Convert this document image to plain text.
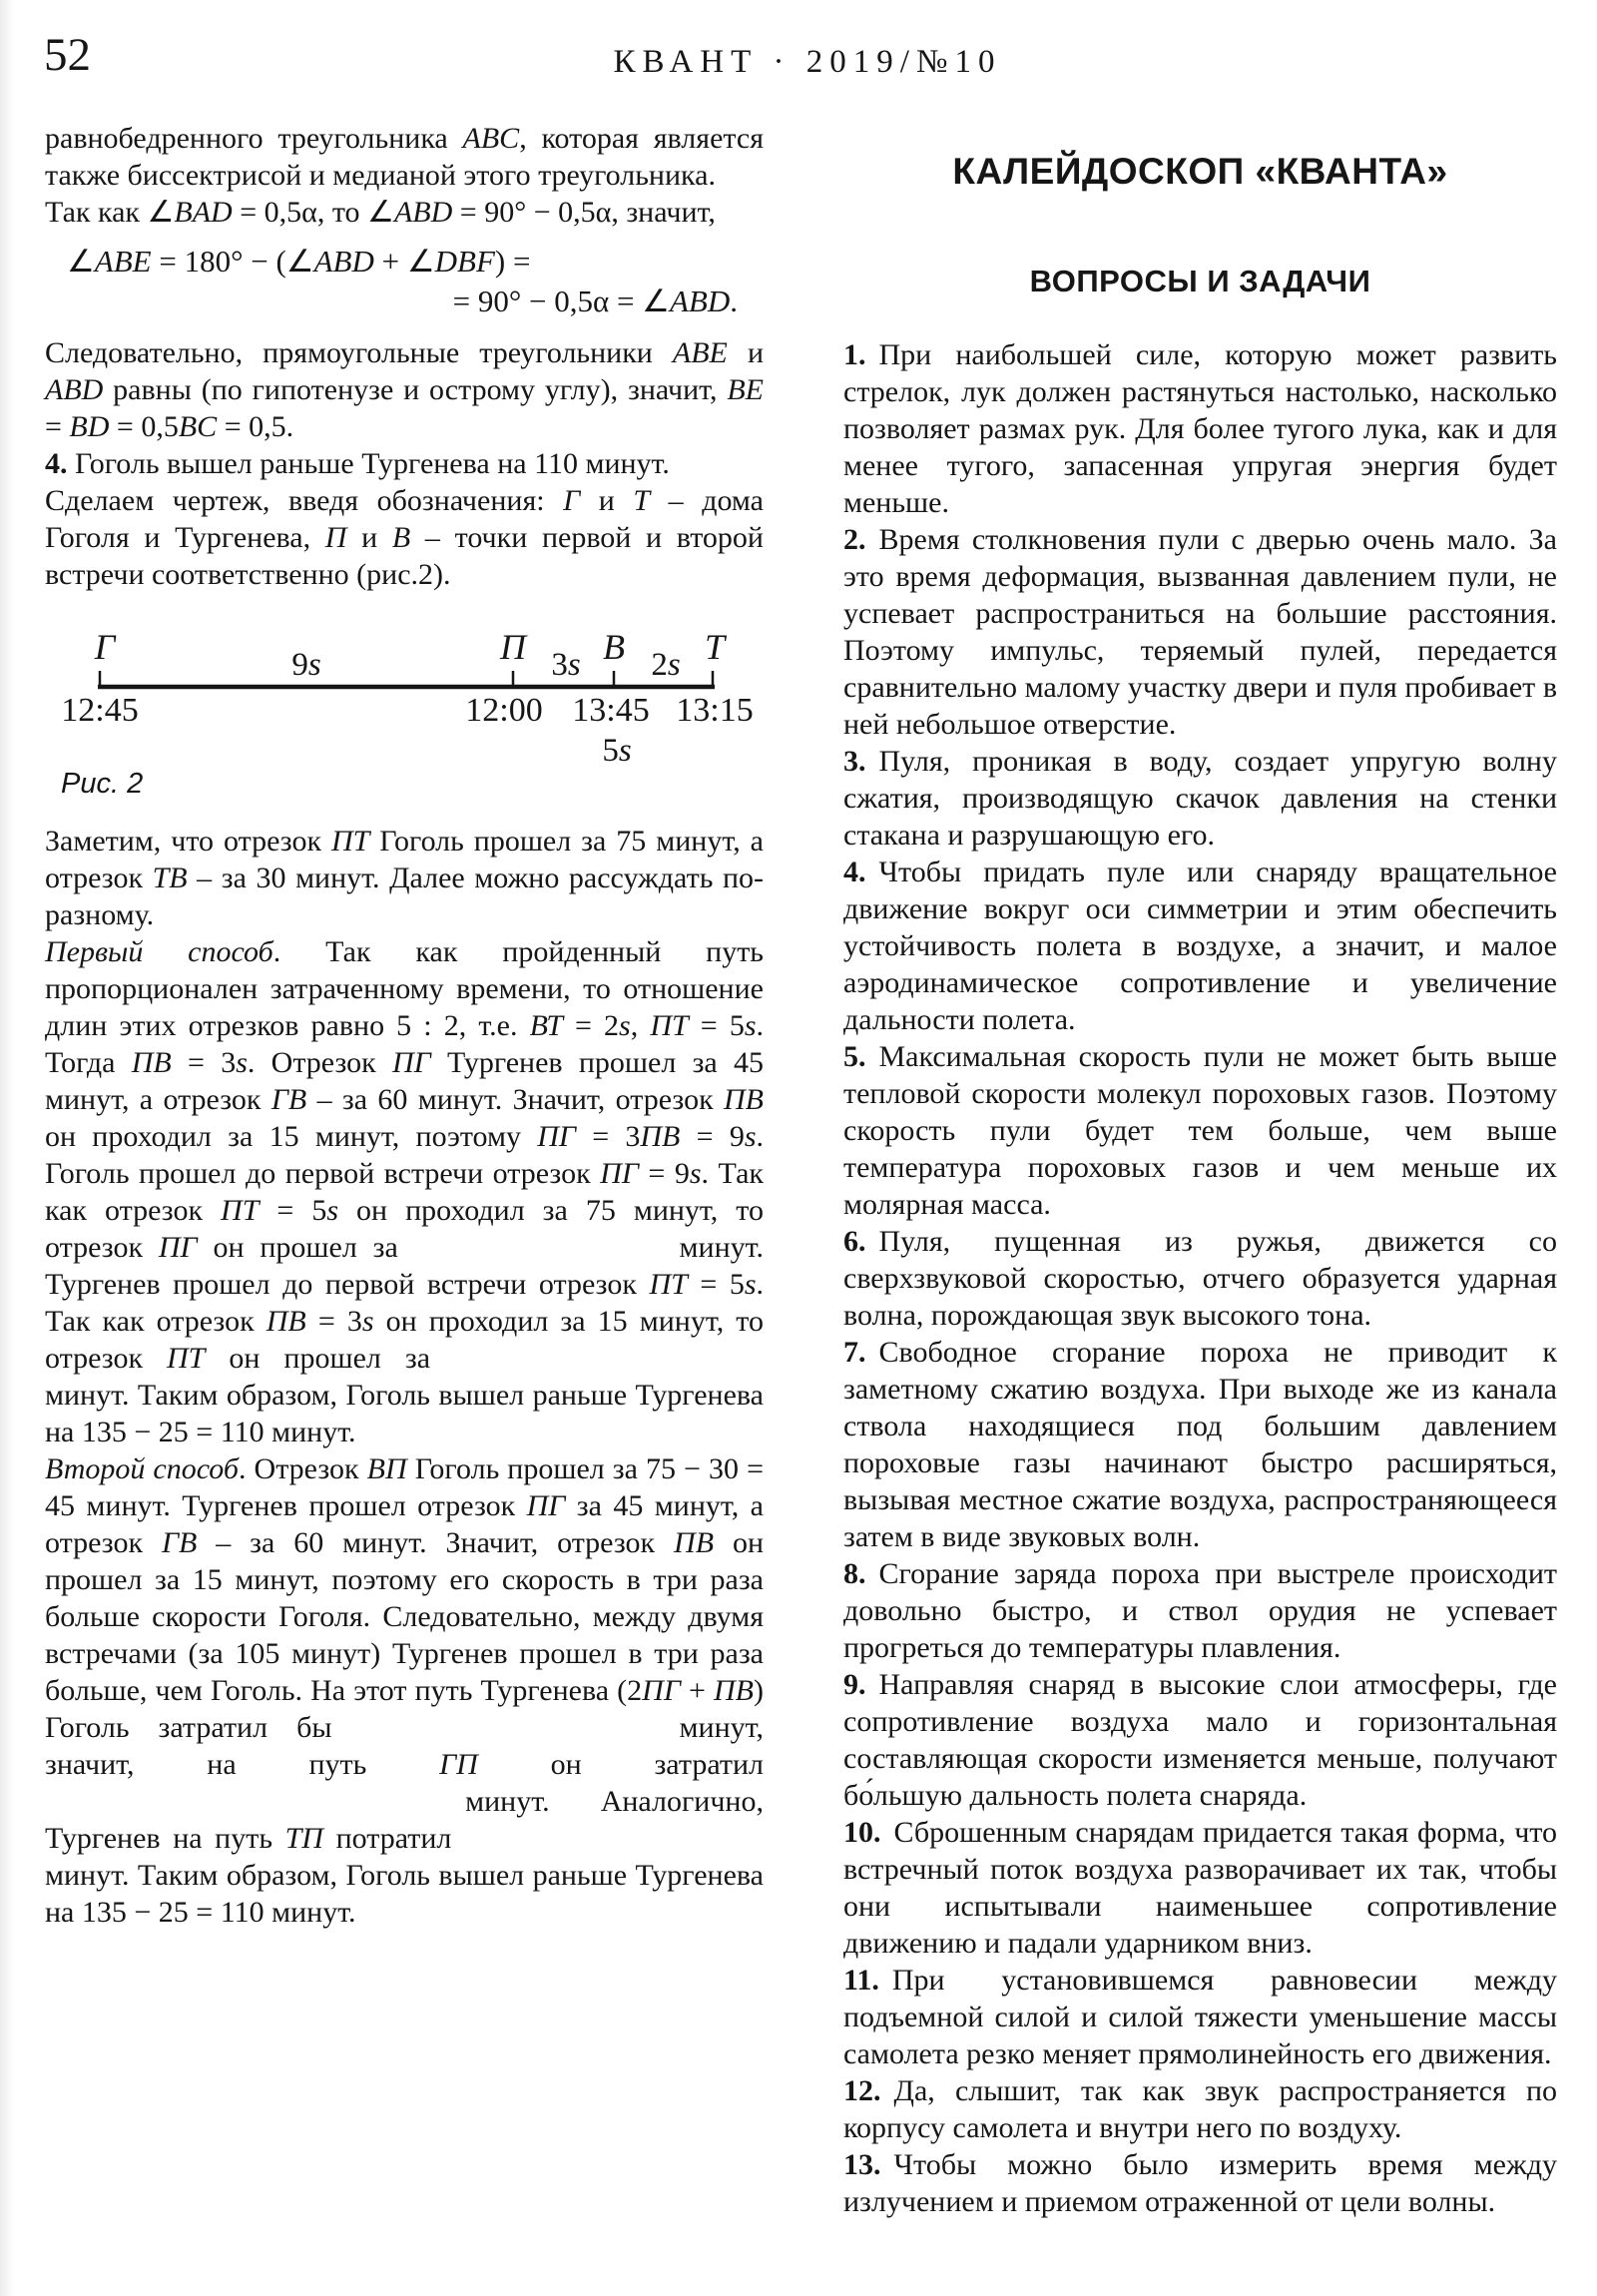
52	КВАНТ · 2019/№10

равнобедренного треугольника ABC, которая является также биссектрисой и медианой этого треугольника.

Так как ∠BAD = 0,5α, то ∠ABD = 90° − 0,5α, значит,

∠ABE = 180° − (∠ABD + ∠DBF) =
= 90° − 0,5α = ∠ABD.

Следовательно, прямоугольные треугольники ABE и ABD равны (по гипотенузе и острому углу), значит, BE = BD = 0,5BC = 0,5.

4. Гоголь вышел раньше Тургенева на 110 минут.

Сделаем чертеж, введя обозначения: Г и Т – дома Гоголя и Тургенева, П и В – точки первой и второй встречи соответственно (рис.2).

Г	П В Т
9s	3s 2s
12:45	12:00 13:45 13:15
5s
Рис. 2

Заметим, что отрезок ПТ Гоголь прошел за 75 минут, а отрезок ТВ – за 30 минут. Далее можно рассуждать по-разному.

Первый способ. Так как пройденный путь пропорционален затраченному времени, то отношение длин этих отрезков равно 5 : 2, т.е. ВТ = 2s, ПТ = 5s. Тогда ПВ = 3s. Отрезок ПГ Тургенев прошел за 45 минут, а отрезок ГВ – за 60 минут. Значит, отрезок ПВ он проходил за 15 минут, поэтому ПГ = 3ПВ = 9s. Гоголь прошел до первой встречи отрезок ПГ = 9s. Так как отрезок ПТ = 5s он проходил за 75 минут, то отрезок ПГ он прошел за	минут. Тургенев прошел до первой встречи отрезок ПТ = 5s. Так как отрезок ПВ = 3s он проходил за 15 минут, то отрезок ПТ он прошел за  минут. Таким образом, Гоголь вышел раньше Тургенева на 135 − 25 = 110 минут.

Второй способ. Отрезок ВП Гоголь прошел за 75 − 30 = 45 минут. Тургенев прошел отрезок ПГ за 45 минут, а отрезок ГВ – за 60 минут. Значит, отрезок ПВ он прошел за 15 минут, поэтому его скорость в три раза больше скорости Гоголя. Следовательно, между двумя встречами (за 105 минут) Тургенев прошел в три раза больше, чем Гоголь. На этот путь Тургенева (2ПГ + ПВ) Гоголь затратил бы	минут, значит, на путь ГП он затратил  минут. Аналогично, Тургенев на путь ТП потратил  минут. Таким образом, Гоголь вышел раньше Тургенева на 135 − 25 = 110 минут.

КАЛЕЙДОСКОП «КВАНТА»
ВОПРОСЫ И ЗАДАЧИ

1. При наибольшей силе, которую может развить стрелок, лук должен растянуться настолько, насколько позволяет размах рук. Для более тугого лука, как и для менее тугого, запасенная упругая энергия будет меньше.

2. Время столкновения пули с дверью очень мало. За это время деформация, вызванная давлением пули, не успевает распространиться на большие расстояния. Поэтому импульс, теряемый пулей, передается сравнительно малому участку двери и пуля пробивает в ней небольшое отверстие.

3. Пуля, проникая в воду, создает упругую волну сжатия, производящую скачок давления на стенки стакана и разрушающую его.

4. Чтобы придать пуле или снаряду вращательное движение вокруг оси симметрии и этим обеспечить устойчивость полета в воздухе, а значит, и малое аэродинамическое сопротивление и увеличение дальности полета.

5. Максимальная скорость пули не может быть выше тепловой скорости молекул пороховых газов. Поэтому скорость пули будет тем больше, чем выше температура пороховых газов и чем меньше их молярная масса.

6. Пуля, пущенная из ружья, движется со сверхзвуковой скоростью, отчего образуется ударная волна, порождающая звук высокого тона.

7. Свободное сгорание пороха не приводит к заметному сжатию воздуха. При выходе же из канала ствола находящиеся под большим давлением пороховые газы начинают быстро расширяться, вызывая местное сжатие воздуха, распространяющееся затем в виде звуковых волн.

8. Сгорание заряда пороха при выстреле происходит довольно быстро, и ствол орудия не успевает прогреться до температуры плавления.

9. Направляя снаряд в высокие слои атмосферы, где сопротивление воздуха мало и горизонтальная составляющая скорости изменяется меньше, получают бо́льшую дальность полета снаряда.

10. Сброшенным снарядам придается такая форма, что встречный поток воздуха разворачивает их так, чтобы они испытывали наименьшее сопротивление движению и падали ударником вниз.

11. При установившемся равновесии между подъемной силой и силой тяжести уменьшение массы самолета резко меняет прямолинейность его движения.

12. Да, слышит, так как звук распространяется по корпусу самолета и внутри него по воздуху.

13. Чтобы можно было измерить время между излучением и приемом отраженной от цели волны.
